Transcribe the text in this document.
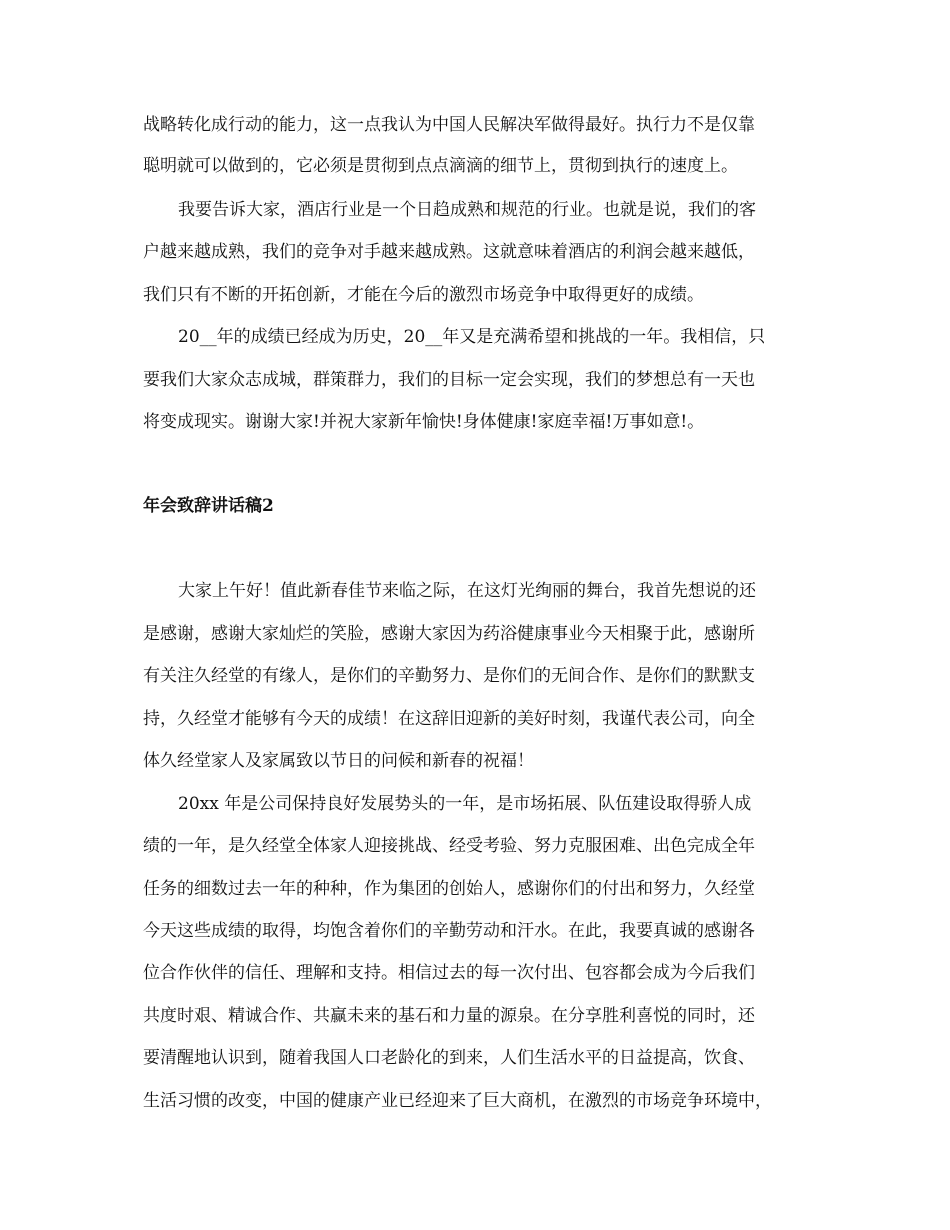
战略转化成行动的能力，这一点我认为中国人民解决军做得最好。执行力不是仅靠
聪明就可以做到的，它必须是贯彻到点点滴滴的细节上，贯彻到执行的速度上。
我要告诉大家，酒店行业是一个日趋成熟和规范的行业。也就是说，我们的客
户越来越成熟，我们的竞争对手越来越成熟。这就意味着酒店的利润会越来越低，
我们只有不断的开拓创新，才能在今后的激烈市场竞争中取得更好的成绩。
20__年的成绩已经成为历史，20__年又是充满希望和挑战的一年。我相信，只
要我们大家众志成城，群策群力，我们的目标一定会实现，我们的梦想总有一天也
将变成现实。谢谢大家!并祝大家新年愉快!身体健康!家庭幸福!万事如意!。
年会致辞讲话稿2
大家上午好！值此新春佳节来临之际，在这灯光绚丽的舞台，我首先想说的还
是感谢，感谢大家灿烂的笑脸，感谢大家因为药浴健康事业今天相聚于此，感谢所
有关注久经堂的有缘人，是你们的辛勤努力、是你们的无间合作、是你们的默默支
持，久经堂才能够有今天的成绩！在这辞旧迎新的美好时刻，我谨代表公司，向全
体久经堂家人及家属致以节日的问候和新春的祝福！
20xx 年是公司保持良好发展势头的一年，是市场拓展、队伍建设取得骄人成
绩的一年，是久经堂全体家人迎接挑战、经受考验、努力克服困难、出色完成全年
任务的细数过去一年的种种，作为集团的创始人，感谢你们的付出和努力，久经堂
今天这些成绩的取得，均饱含着你们的辛勤劳动和汗水。在此，我要真诚的感谢各
位合作伙伴的信任、理解和支持。相信过去的每一次付出、包容都会成为今后我们
共度时艰、精诚合作、共赢未来的基石和力量的源泉。在分享胜利喜悦的同时，还
要清醒地认识到，随着我国人口老龄化的到来，人们生活水平的日益提高，饮食、
生活习惯的改变，中国的健康产业已经迎来了巨大商机，在激烈的市场竞争环境中，
